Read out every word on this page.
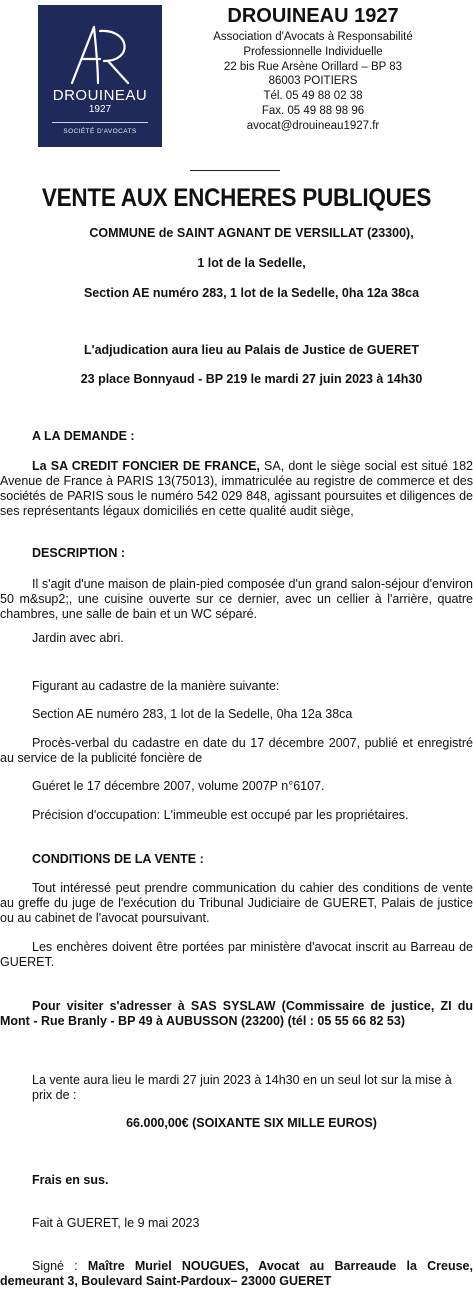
DROUINEAU
1927
SOCIÉTÉ D'AVOCATS
DROUINEAU 1927
Association d'Avocats à Responsabilité
Professionnelle Individuelle
22 bis Rue Arsène Orillard – BP 83
86003 POITIERS
Tél. 05 49 88 02 38
Fax. 05 49 88 98 96
avocat@drouineau1927.fr
VENTE AUX ENCHERES PUBLIQUES
COMMUNE de SAINT AGNANT DE VERSILLAT (23300),
1 lot de la Sedelle,
Section AE numéro 283, 1 lot de la Sedelle, 0ha 12a 38ca
L'adjudication aura lieu au Palais de Justice de GUERET
23 place Bonnyaud - BP 219 le mardi 27 juin 2023 à 14h30
A LA DEMANDE :
La SA CREDIT FONCIER DE FRANCE, SA, dont le siège social est situé 182 Avenue de France à PARIS 13(75013), immatriculée au registre de commerce et des sociétés de PARIS sous le numéro 542 029 848, agissant poursuites et diligences de ses représentants légaux domiciliés en cette qualité audit siège,
DESCRIPTION :
Il s'agit d'une maison de plain-pied composée d'un grand salon-séjour d'environ 50 m&sup2;, une cuisine ouverte sur ce dernier, avec un cellier à l'arrière, quatre chambres, une salle de bain et un WC séparé.
Jardin avec abri.
Figurant au cadastre de la manière suivante:
Section AE numéro 283, 1 lot de la Sedelle, 0ha 12a 38ca
Procès-verbal du cadastre en date du 17 décembre 2007, publié et enregistré au service de la publicité foncière de
Guéret le 17 décembre 2007, volume 2007P n°6107.
Précision d'occupation: L'immeuble est occupé par les propriétaires.
CONDITIONS DE LA VENTE :
Tout intéressé peut prendre communication du cahier des conditions de vente au greffe du juge de l'exécution du Tribunal Judiciaire de GUERET, Palais de justice ou au cabinet de l'avocat poursuivant.
Les enchères doivent être portées par ministère d'avocat inscrit au Barreau de GUERET.
Pour visiter s'adresser à SAS SYSLAW (Commissaire de justice, ZI du Mont - Rue Branly - BP 49 à AUBUSSON (23200) (tél : 05 55 66 82 53)
La vente aura lieu le mardi 27 juin 2023 à 14h30 en un seul lot sur la mise à prix de :
66.000,00€ (SOIXANTE SIX MILLE EUROS)
Frais en sus.
Fait à GUERET, le 9 mai 2023
Signé : Maître Muriel NOUGUES, Avocat au Barreaude la Creuse, demeurant 3, Boulevard Saint-Pardoux– 23000 GUERET
